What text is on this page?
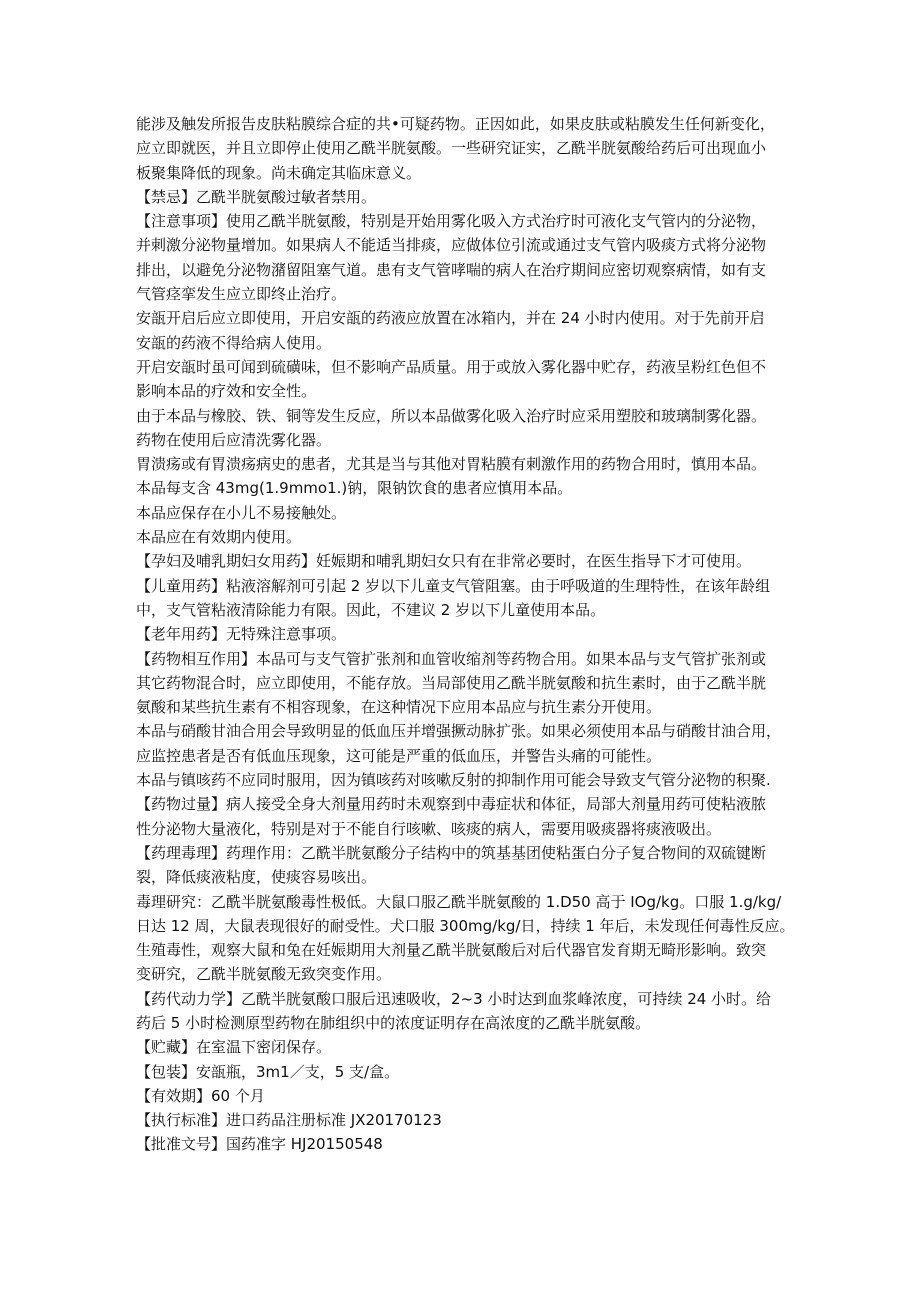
能涉及触发所报告皮肤粘膜综合症的共•可疑药物。正因如此，如果皮肤或粘膜发生任何新变化，
应立即就医，并且立即停止使用乙酰半胱氨酸。一些研究证实，乙酰半胱氨酸给药后可出现血小
板聚集降低的现象。尚未确定其临床意义。
【禁忌】乙酰半胱氨酸过敏者禁用。
【注意事项】使用乙酰半胱氨酸，特别是开始用雾化吸入方式治疗时可液化支气管内的分泌物，
并刺激分泌物量增加。如果病人不能适当排痰，应做体位引流或通过支气管内吸痰方式将分泌物
排出，以避免分泌物潴留阻塞气道。患有支气管哮喘的病人在治疗期间应密切观察病情，如有支
气管痉挛发生应立即终止治疗。
安瓿开启后应立即使用，开启安瓿的药液应放置在冰箱内，并在 24 小时内使用。对于先前开启
安瓿的药液不得给病人使用。
开启安瓿时虽可闻到硫磺味，但不影响产品质量。用于或放入雾化器中贮存，药液呈粉红色但不
影响本品的疗效和安全性。
由于本品与橡胶、铁、铜等发生反应，所以本品做雾化吸入治疗时应采用塑胶和玻璃制雾化器。
药物在使用后应清洗雾化器。
胃溃疡或有胃溃疡病史的患者，尤其是当与其他对胃粘膜有刺激作用的药物合用时，慎用本品。
本品每支含 43mg(1.9mmo1.)钠，限钠饮食的患者应慎用本品。
本品应保存在小儿不易接触处。
本品应在有效期内使用。
【孕妇及哺乳期妇女用药】妊娠期和哺乳期妇女只有在非常必要时，在医生指导下才可使用。
【儿童用药】粘液溶解剂可引起 2 岁以下儿童支气管阻塞。由于呼吸道的生理特性，在该年龄组
中，支气管粘液清除能力有限。因此，不建议 2 岁以下儿童使用本品。
【老年用药】无特殊注意事项。
【药物相互作用】本品可与支气管扩张剂和血管收缩剂等药物合用。如果本品与支气管扩张剂或
其它药物混合时，应立即使用，不能存放。当局部使用乙酰半胱氨酸和抗生素时，由于乙酰半胱
氨酸和某些抗生素有不相容现象，在这种情况下应用本品应与抗生素分开使用。
本品与硝酸甘油合用会导致明显的低血压并增强撅动脉扩张。如果必须使用本品与硝酸甘油合用，
应监控患者是否有低血压现象，这可能是严重的低血压，并警告头痛的可能性。
本品与镇咳药不应同时服用，因为镇咳药对咳嗽反射的抑制作用可能会导致支气管分泌物的积聚.
【药物过量】病人接受全身大剂量用药时未观察到中毒症状和体征，局部大剂量用药可使粘液脓
性分泌物大量液化，特别是对于不能自行咳嗽、咳痰的病人，需要用吸痰器将痰液吸出。
【药理毒理】药理作用：乙酰半胱氨酸分子结构中的筑基基团使粘蛋白分子复合物间的双硫键断
裂，降低痰液粘度，使痰容易咳出。
毒理研究：乙酰半胱氨酸毒性极低。大鼠口服乙酰半胱氨酸的 1.D50 高于 IOg/kg。口服 1.g/kg/
日达 12 周，大鼠表现很好的耐受性。犬口服 300mg/kg/日，持续 1 年后，未发现任何毒性反应。
生殖毒性，观察大鼠和兔在妊娠期用大剂量乙酰半胱氨酸后对后代器官发育期无畸形影响。致突
变研究，乙酰半胱氨酸无致突变作用。
【药代动力学】乙酰半胱氨酸口服后迅速吸收，2~3 小时达到血浆峰浓度，可持续 24 小时。给
药后 5 小时检测原型药物在肺组织中的浓度证明存在高浓度的乙酰半胱氨酸。
【贮藏】在室温下密闭保存。
【包装】安瓿瓶，3m1／支，5 支/盒。
【有效期】60 个月
【执行标准】进口药品注册标准 JX20170123
【批准文号】国药准字 HJ20150548
